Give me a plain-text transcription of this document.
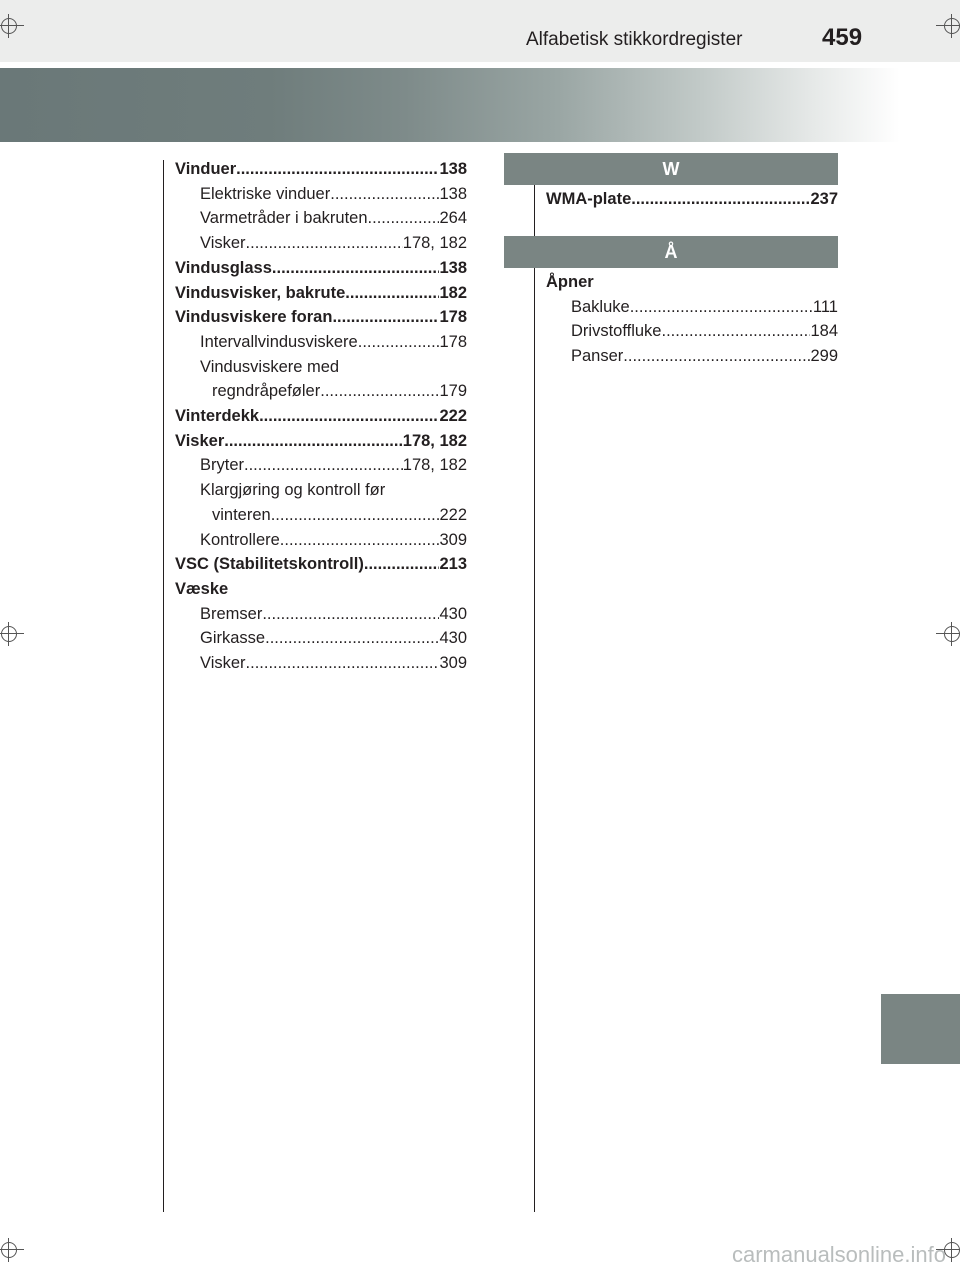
Alfabetisk stikkordregister	459
Vinduer .....	138
Elektriske vinduer .....	138
Varmetråder i bakruten .....	264
Visker .....	178, 182
Vindusglass .....	138
Vindusvisker, bakrute .....	182
Vindusviskere foran .....	178
Intervallvindusviskere .....	178
Vindusviskere med
regndråpeføler .....	179
Vinterdekk .....	222
Visker .....	178, 182
Bryter .....	178, 182
Klargjøring og kontroll før
vinteren .....	222
Kontrollere .....	309
VSC (Stabilitetskontroll) .....	213
Væske
Bremser .....	430
Girkasse .....	430
Visker .....	309
W
WMA-plate .....	237
Å
Åpner
Bakluke .....	111
Drivstoffluke .....	184
Panser .....	299
carmanualsonline.info
